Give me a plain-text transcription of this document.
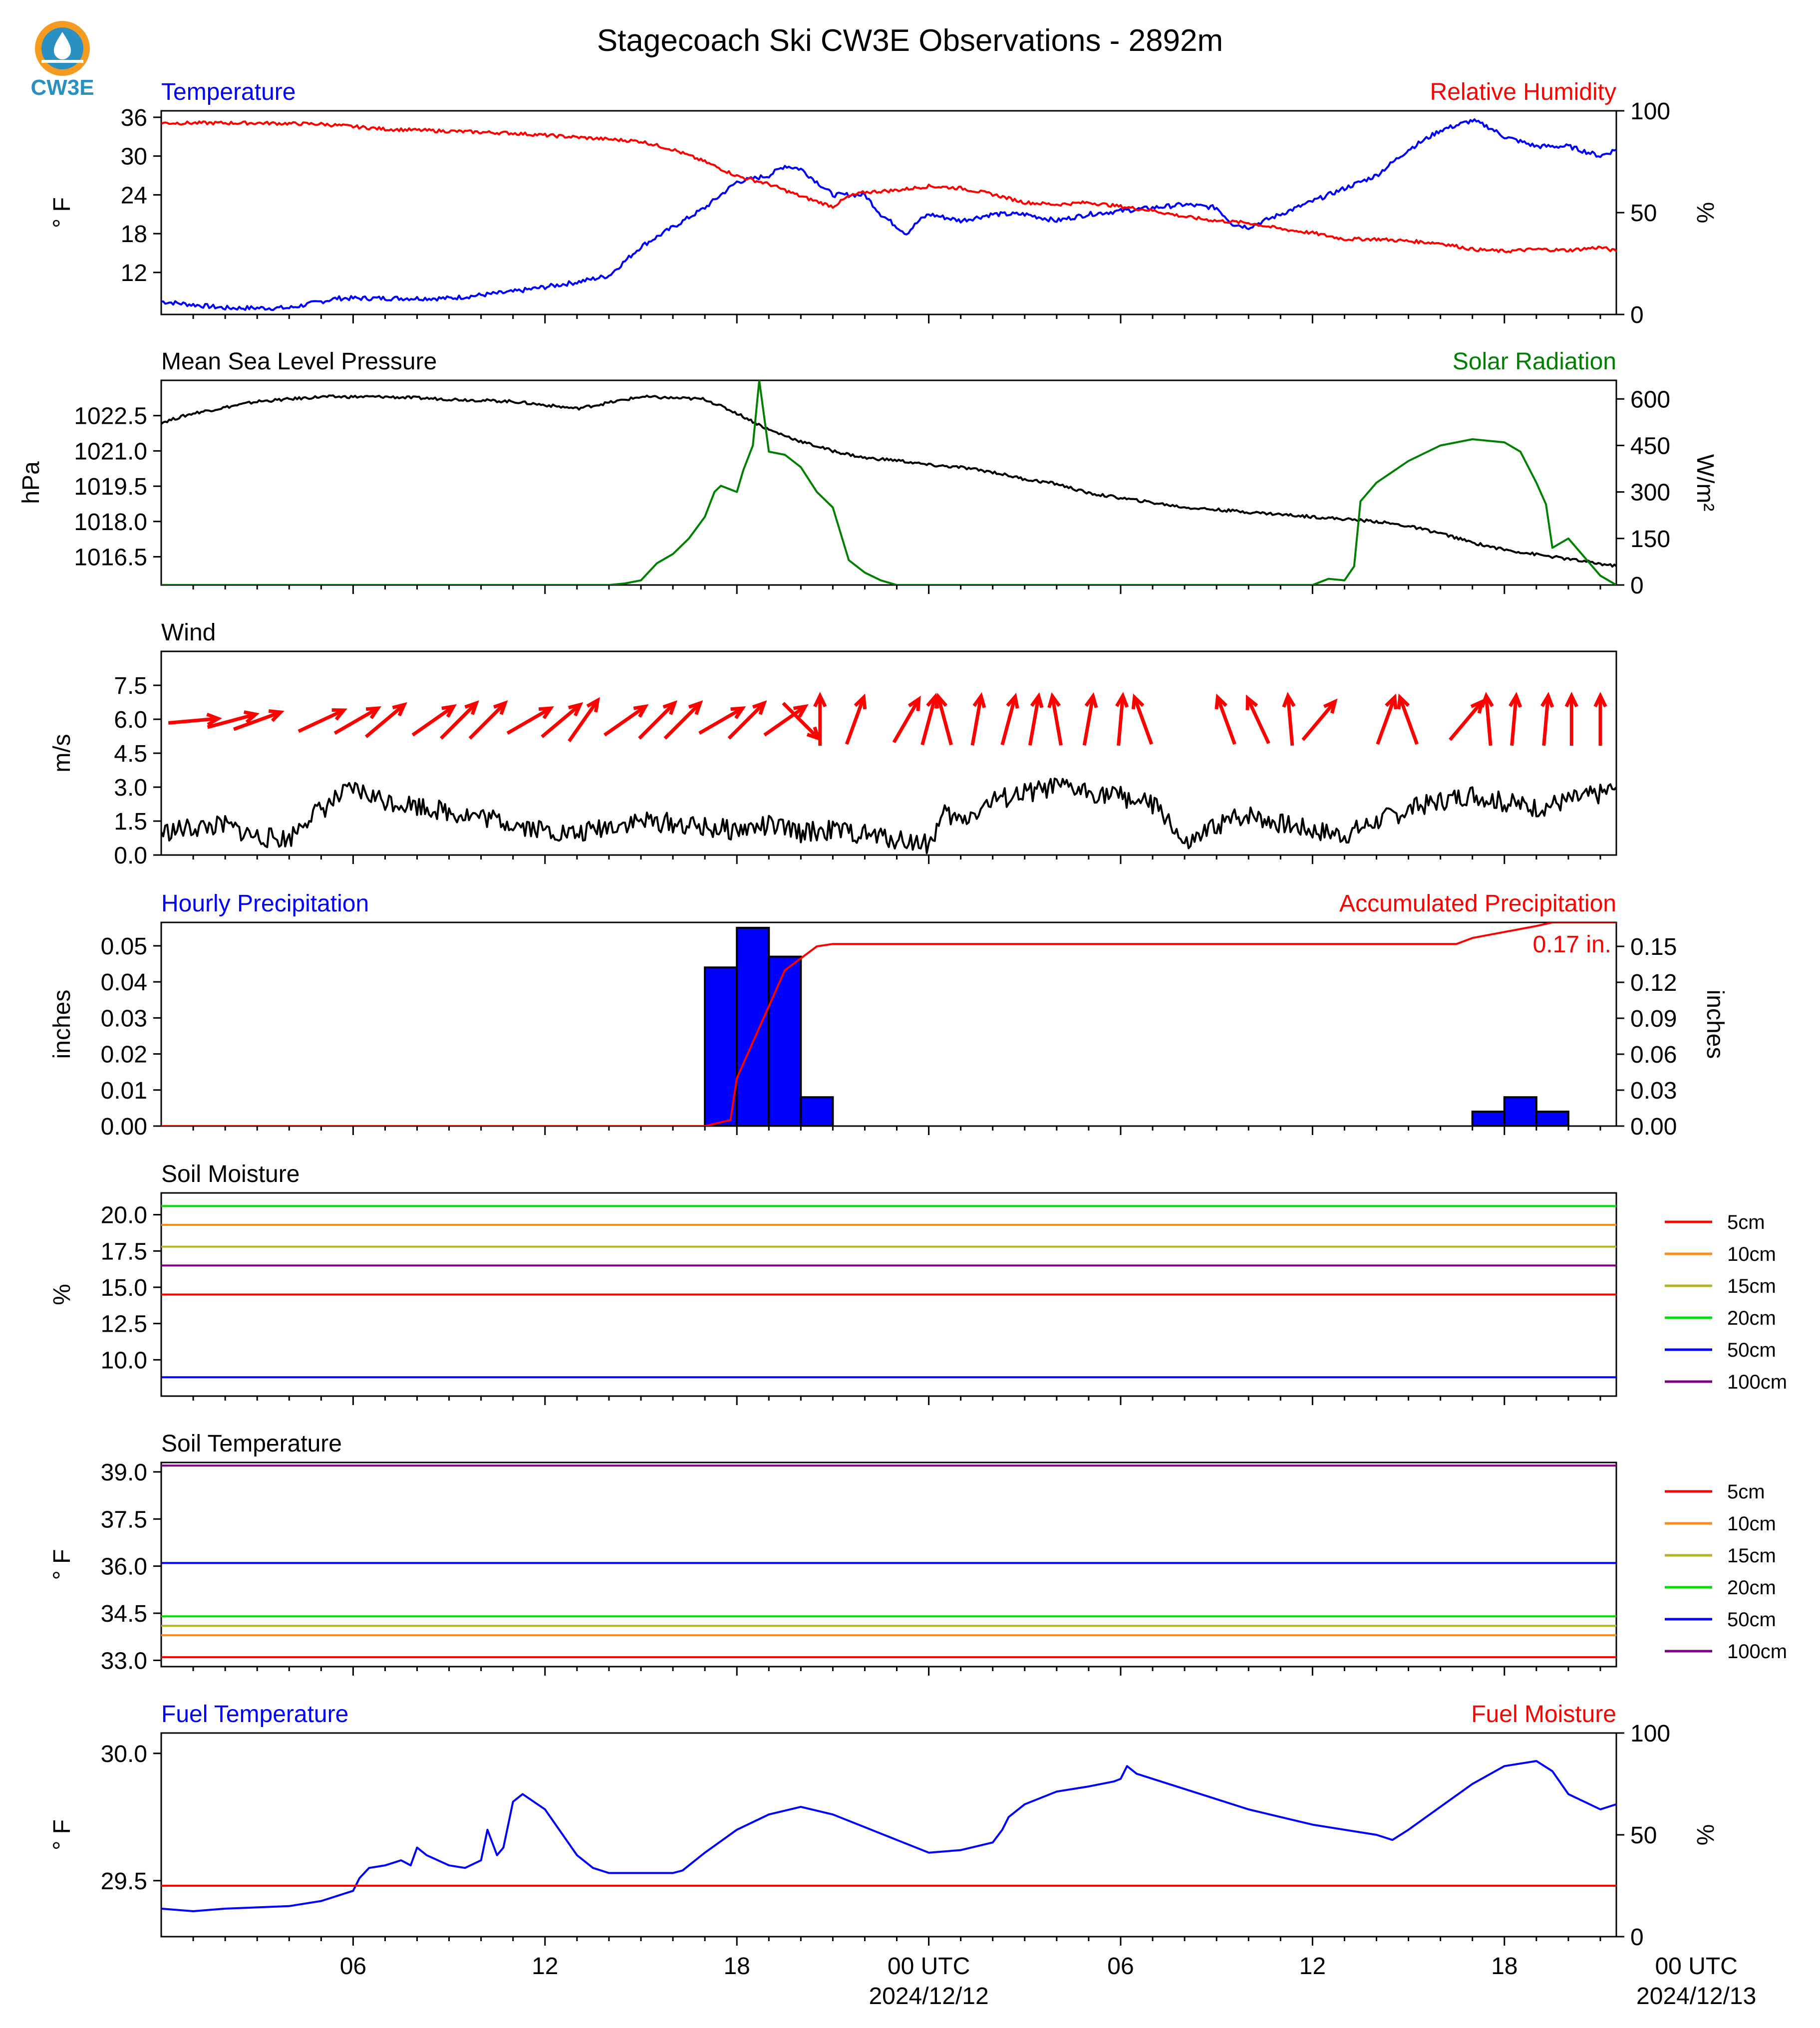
CW3E
Stagecoach Ski CW3E Observations - 2892m
Temperature	Relative Humidity
12
18
24
30
36
° F
0
50
100
%
Mean Sea Level Pressure	Solar Radiation
1016.5
1018.0
1019.5
1021.0
1022.5
hPa
0
150
300
450
600
W/m²
Wind
0.0
1.5
3.0
4.5
6.0
7.5
m/s
Hourly Precipitation	Accumulated Precipitation
0.00
0.01
0.02
0.03
0.04
0.05
inches
0.00
0.03
0.06
0.09
0.12
0.15
inches
0.17 in.
Soil Moisture
10.0
12.5
15.0
17.5
20.0
%
5cm
10cm
15cm
20cm
50cm
100cm
Soil Temperature
33.0
34.5
36.0
37.5
39.0
° F
5cm
10cm
15cm
20cm
50cm
100cm
Fuel Temperature	Fuel Moisture
29.5
30.0
° F
0
50
100
%
06	12	18	00 UTC
2024/12/12
06	12	18	00 UTC
2024/12/13
